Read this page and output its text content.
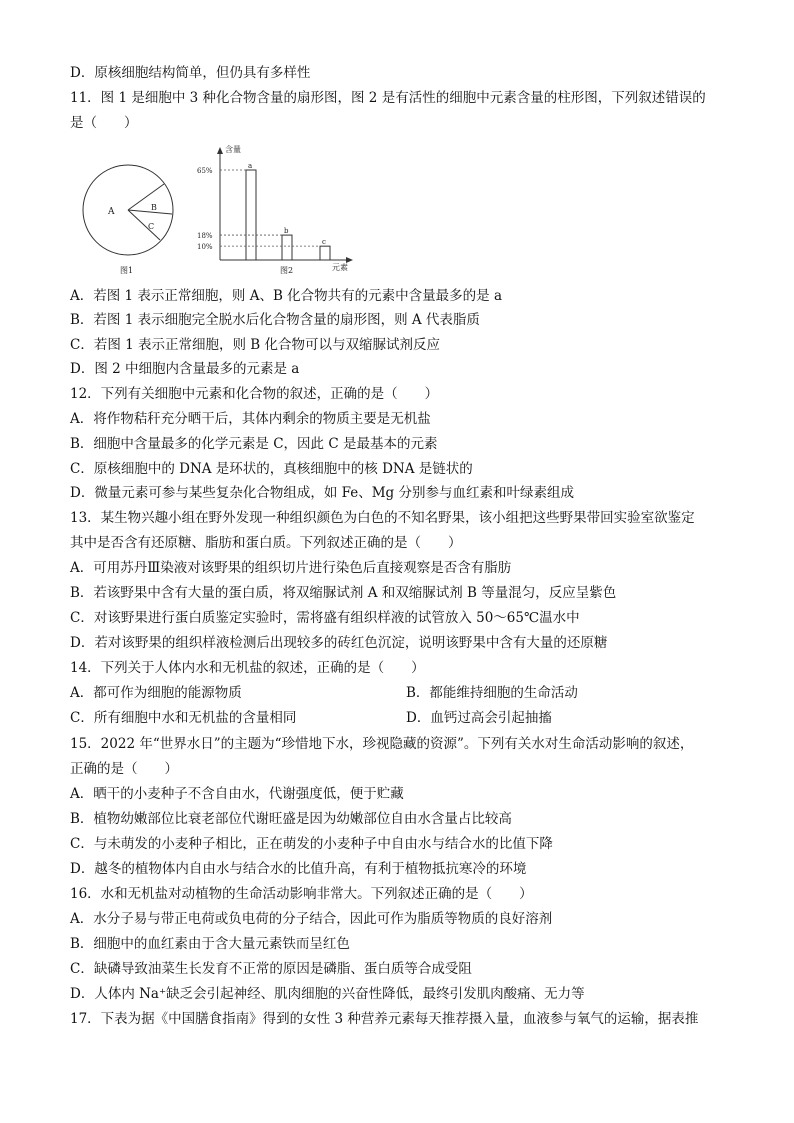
D．原核细胞结构简单，但仍具有多样性
11．图 1 是细胞中 3 种化合物含量的扇形图，图 2 是有活性的细胞中元素含量的柱形图，下列叙述错误的
是（　　）
A	B
C
图1
含量
元素
图2
65%
a
18%
b
10%
c
A．若图 1 表示正常细胞，则 A、B 化合物共有的元素中含量最多的是 a
B．若图 1 表示细胞完全脱水后化合物含量的扇形图，则 A 代表脂质
C．若图 1 表示正常细胞，则 B 化合物可以与双缩脲试剂反应
D．图 2 中细胞内含量最多的元素是 a
12．下列有关细胞中元素和化合物的叙述，正确的是（　　）
A．将作物秸秆充分晒干后，其体内剩余的物质主要是无机盐
B．细胞中含量最多的化学元素是 C，因此 C 是最基本的元素
C．原核细胞中的 DNA 是环状的，真核细胞中的核 DNA 是链状的
D．微量元素可参与某些复杂化合物组成，如 Fe、Mg 分别参与血红素和叶绿素组成
13．某生物兴趣小组在野外发现一种组织颜色为白色的不知名野果，该小组把这些野果带回实验室欲鉴定
其中是否含有还原糖、脂肪和蛋白质。下列叙述正确的是（　　）
A．可用苏丹Ⅲ染液对该野果的组织切片进行染色后直接观察是否含有脂肪
B．若该野果中含有大量的蛋白质，将双缩脲试剂 A 和双缩脲试剂 B 等量混匀，反应呈紫色
C．对该野果进行蛋白质鉴定实验时，需将盛有组织样液的试管放入 50～65℃温水中
D．若对该野果的组织样液检测后出现较多的砖红色沉淀，说明该野果中含有大量的还原糖
14．下列关于人体内水和无机盐的叙述，正确的是（　　）
A．都可作为细胞的能源物质	B．都能维持细胞的生命活动
C．所有细胞中水和无机盐的含量相同	D．血钙过高会引起抽搐
15．2022 年“世界水日”的主题为“珍惜地下水，珍视隐藏的资源”。下列有关水对生命活动影响的叙述，
正确的是（　　）
A．晒干的小麦种子不含自由水，代谢强度低，便于贮藏
B．植物幼嫩部位比衰老部位代谢旺盛是因为幼嫩部位自由水含量占比较高
C．与未萌发的小麦种子相比，正在萌发的小麦种子中自由水与结合水的比值下降
D．越冬的植物体内自由水与结合水的比值升高，有利于植物抵抗寒冷的环境
16．水和无机盐对动植物的生命活动影响非常大。下列叙述正确的是（　　）
A．水分子易与带正电荷或负电荷的分子结合，因此可作为脂质等物质的良好溶剂
B．细胞中的血红素由于含大量元素铁而呈红色
C．缺磷导致油菜生长发育不正常的原因是磷脂、蛋白质等合成受阻
D．人体内 Na⁺缺乏会引起神经、肌肉细胞的兴奋性降低，最终引发肌肉酸痛、无力等
17．下表为据《中国膳食指南》得到的女性 3 种营养元素每天推荐摄入量，血液参与氧气的运输，据表推
